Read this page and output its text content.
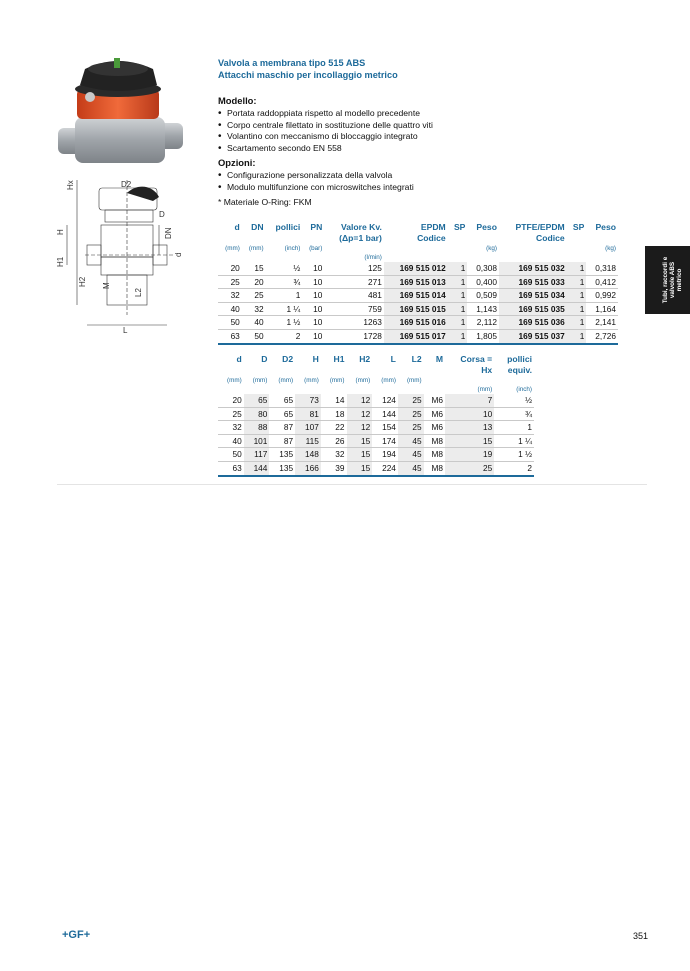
Hx	D2
D
H	DN
d
H1
H2 M
L2
L
Valvola a membrana tipo 515 ABS
Attacchi maschio per incollaggio metrico
Modello:
• Portata raddoppiata rispetto al modello precedente
• Corpo centrale filettato in sostituzione delle quattro viti
• Volantino con meccanismo di bloccaggio integrato
• Scartamento secondo EN 558
Opzioni:
• Configurazione personalizzata della valvola
• Modulo multifunzione con microswitches integrati
* Materiale O-Ring: FKM
d	DN	pollici	PN	Valore Kv.	EPDM	SP	Peso	PTFE/EPDM	SP	Peso
				(Δp=1 bar)	Codice			Codice		
(mm)	(mm)	(inch)	(bar)				(kg)			(kg)
				(l/min)						
20	15	½	10	125	169 515 012	1	0,308	169 515 032	1	0,318
25	20	¾	10	271	169 515 013	1	0,400	169 515 033	1	0,412
32	25	1	10	481	169 515 014	1	0,509	169 515 034	1	0,992
40	32	1 ¼	10	759	169 515 015	1	1,143	169 515 035	1	1,164
50	40	1 ½	10	1263	169 515 016	1	2,112	169 515 036	1	2,141
63	50	2	10	1728	169 515 017	1	1,805	169 515 037	1	2,726
d	D	D2	H	H1	H2	L	L2	M	Corsa =	pollici
									Hx	equiv.
(mm)	(mm)	(mm)	(mm)	(mm)	(mm)	(mm)	(mm)			
									(mm)	(inch)
20	65	65	73	14	12	124	25	M6	7	½
25	80	65	81	18	12	144	25	M6	10	¾
32	88	87	107	22	12	154	25	M6	13	1
40	101	87	115	26	15	174	45	M8	15	1 ¼
50	117	135	148	32	15	194	45	M8	19	1 ½
63	144	135	166	39	15	224	45	M8	25	2
Tubi, raccordi e valvole ABS metrico
+GF+	351
